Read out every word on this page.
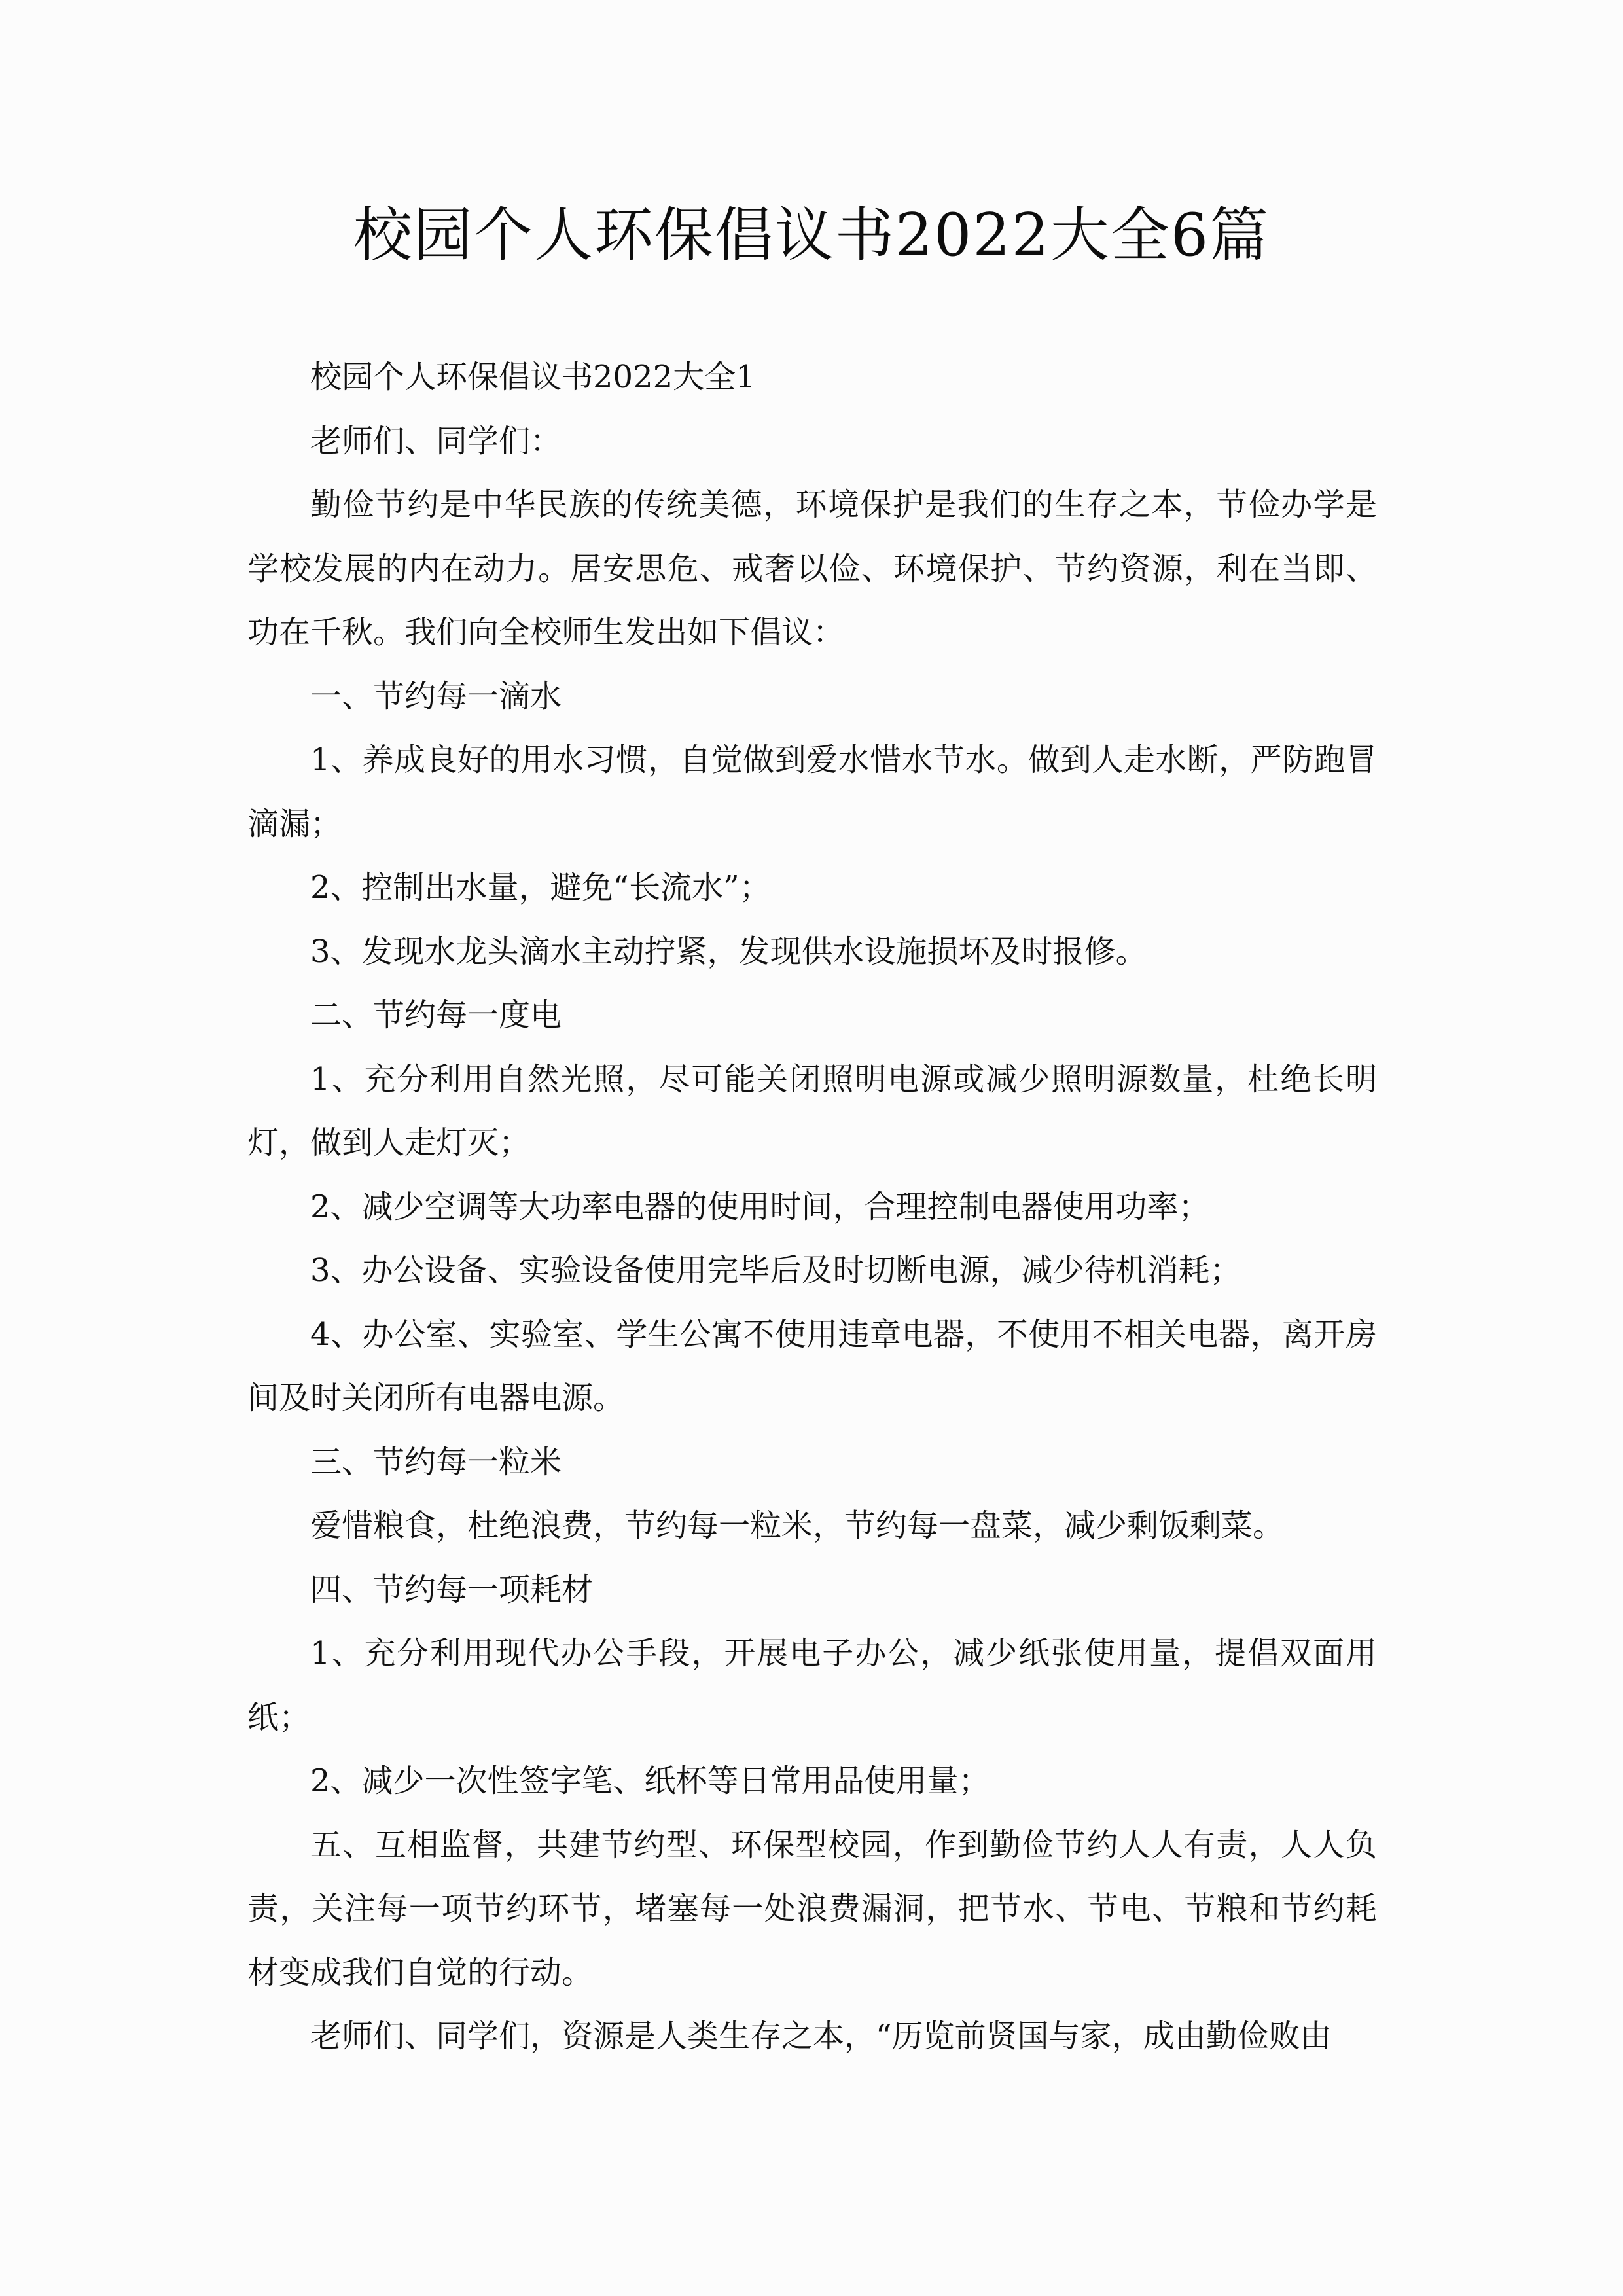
校园个人环保倡议书2022大全6篇

校园个人环保倡议书2022大全1

老师们、同学们：

勤俭节约是中华民族的传统美德，环境保护是我们的生存之本，节俭办学是学校发展的内在动力。居安思危、戒奢以俭、环境保护、节约资源，利在当即、功在千秋。我们向全校师生发出如下倡议：

一、节约每一滴水

1、养成良好的用水习惯，自觉做到爱水惜水节水。做到人走水断，严防跑冒滴漏；

2、控制出水量，避免“长流水”；

3、发现水龙头滴水主动拧紧，发现供水设施损坏及时报修。

二、节约每一度电

1、充分利用自然光照，尽可能关闭照明电源或减少照明源数量，杜绝长明灯，做到人走灯灭；

2、减少空调等大功率电器的使用时间，合理控制电器使用功率；

3、办公设备、实验设备使用完毕后及时切断电源，减少待机消耗；

4、办公室、实验室、学生公寓不使用违章电器，不使用不相关电器，离开房间及时关闭所有电器电源。

三、节约每一粒米

爱惜粮食，杜绝浪费，节约每一粒米，节约每一盘菜，减少剩饭剩菜。

四、节约每一项耗材

1、充分利用现代办公手段，开展电子办公，减少纸张使用量，提倡双面用纸；

2、减少一次性签字笔、纸杯等日常用品使用量；

五、互相监督，共建节约型、环保型校园，作到勤俭节约人人有责，人人负责，关注每一项节约环节，堵塞每一处浪费漏洞，把节水、节电、节粮和节约耗材变成我们自觉的行动。

老师们、同学们，资源是人类生存之本，“历览前贤国与家，成由勤俭败由
